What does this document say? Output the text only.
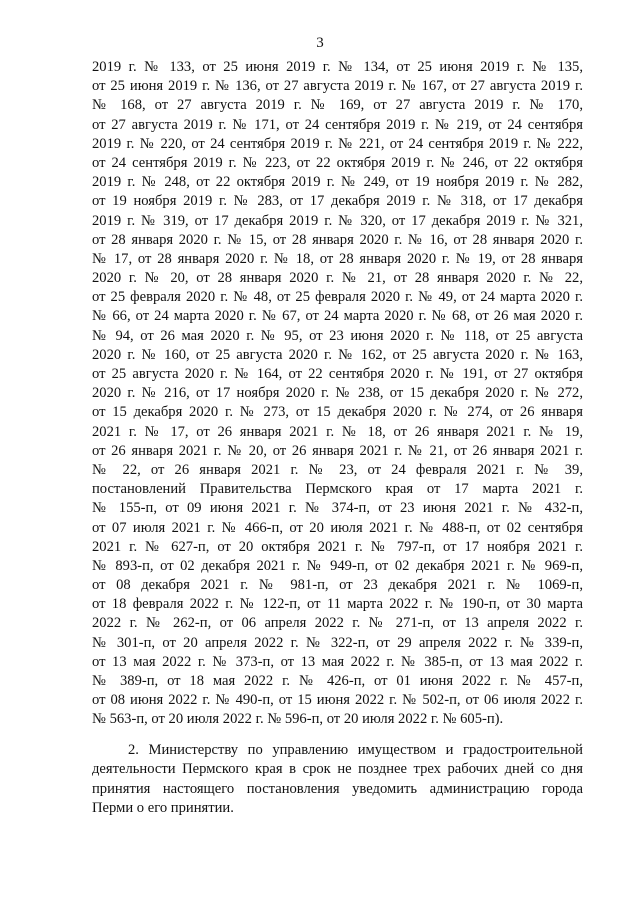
3
2019 г. № 133, от 25 июня 2019 г. № 134, от 25 июня 2019 г. № 135,
от 25 июня 2019 г. № 136, от 27 августа 2019 г. № 167, от 27 августа 2019 г.
№ 168, от 27 августа 2019 г. № 169, от 27 августа 2019 г. № 170,
от 27 августа 2019 г. № 171, от 24 сентября 2019 г. № 219, от 24 сентября
2019 г. № 220, от 24 сентября 2019 г. № 221, от 24 сентября 2019 г. № 222,
от 24 сентября 2019 г. № 223, от 22 октября 2019 г. № 246, от 22 октября
2019 г. № 248, от 22 октября 2019 г. № 249, от 19 ноября 2019 г. № 282,
от 19 ноября 2019 г. № 283, от 17 декабря 2019 г. № 318, от 17 декабря
2019 г. № 319, от 17 декабря 2019 г. № 320, от 17 декабря 2019 г. № 321,
от 28 января 2020 г. № 15, от 28 января 2020 г. № 16, от 28 января 2020 г.
№ 17, от 28 января 2020 г. № 18, от 28 января 2020 г. № 19, от 28 января
2020 г. № 20, от 28 января 2020 г. № 21, от 28 января 2020 г. № 22,
от 25 февраля 2020 г. № 48, от 25 февраля 2020 г. № 49, от 24 марта 2020 г.
№ 66, от 24 марта 2020 г. № 67, от 24 марта 2020 г. № 68, от 26 мая 2020 г.
№ 94, от 26 мая 2020 г. № 95, от 23 июня 2020 г. № 118, от 25 августа
2020 г. № 160, от 25 августа 2020 г. № 162, от 25 августа 2020 г. № 163,
от 25 августа 2020 г. № 164, от 22 сентября 2020 г. № 191, от 27 октября
2020 г. № 216, от 17 ноября 2020 г. № 238, от 15 декабря 2020 г. № 272,
от 15 декабря 2020 г. № 273, от 15 декабря 2020 г. № 274, от 26 января
2021 г. № 17, от 26 января 2021 г. № 18, от 26 января 2021 г. № 19,
от 26 января 2021 г. № 20, от 26 января 2021 г. № 21, от 26 января 2021 г.
№ 22, от 26 января 2021 г. № 23, от 24 февраля 2021 г. № 39,
постановлений Правительства Пермского края от 17 марта 2021 г.
№ 155-п, от 09 июня 2021 г. № 374-п, от 23 июня 2021 г. № 432-п,
от 07 июля 2021 г. № 466-п, от 20 июля 2021 г. № 488-п, от 02 сентября
2021 г. № 627-п, от 20 октября 2021 г. № 797-п, от 17 ноября 2021 г.
№ 893-п, от 02 декабря 2021 г. № 949-п, от 02 декабря 2021 г. № 969-п,
от 08 декабря 2021 г. № 981-п, от 23 декабря 2021 г. № 1069-п,
от 18 февраля 2022 г. № 122-п, от 11 марта 2022 г. № 190-п, от 30 марта
2022 г. № 262-п, от 06 апреля 2022 г. № 271-п, от 13 апреля 2022 г.
№ 301-п, от 20 апреля 2022 г. № 322-п, от 29 апреля 2022 г. № 339-п,
от 13 мая 2022 г. № 373-п, от 13 мая 2022 г. № 385-п, от 13 мая 2022 г.
№ 389-п, от 18 мая 2022 г. № 426-п, от 01 июня 2022 г. № 457-п,
от 08 июня 2022 г. № 490-п, от 15 июня 2022 г. № 502-п, от 06 июля 2022 г.
№ 563-п, от 20 июля 2022 г. № 596-п, от 20 июля 2022 г. № 605-п).
2. Министерству по управлению имуществом и градостроительной
деятельности Пермского края в срок не позднее трех рабочих дней со дня
принятия настоящего постановления уведомить администрацию города
Перми о его принятии.
